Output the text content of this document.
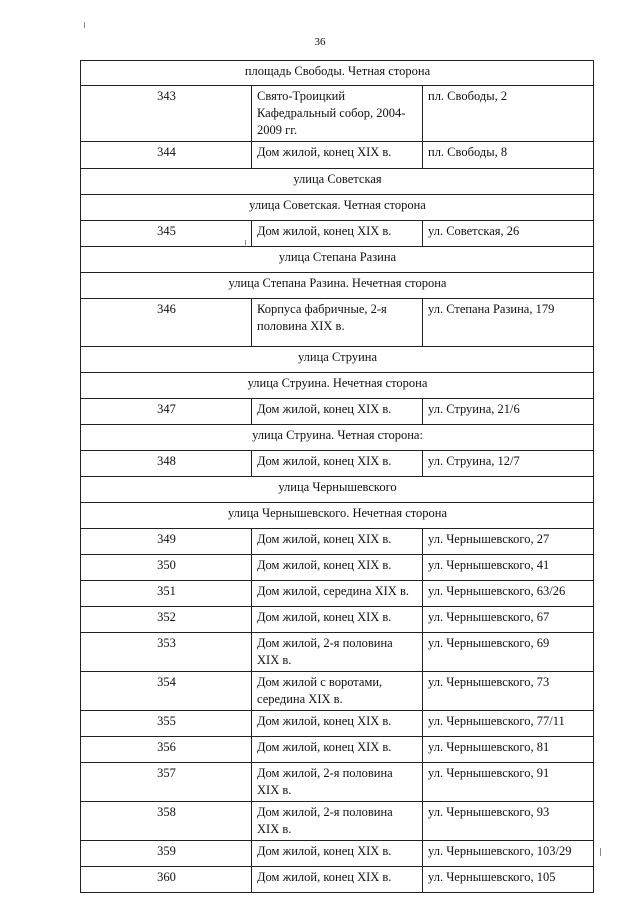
36
площадь Свободы. Четная сторона		
343	Свято-Троицкий Кафедральный собор, 2004-2009 гг.	пл. Свободы, 2
344	Дом жилой, конец XIX в.	пл. Свободы, 8
улица Советская		
улица Советская. Четная сторона		
345	Дом жилой, конец XIX в.	ул. Советская, 26
улица Степана Разина		
улица Степана Разина. Нечетная сторона		
346	Корпуса фабричные, 2-я половина XIX в.	ул. Степана Разина, 179
улица Струина		
улица Струина. Нечетная сторона		
347	Дом жилой, конец XIX в.	ул. Струина, 21/6
улица Струина. Четная сторона:		
348	Дом жилой, конец XIX в.	ул. Струина, 12/7
улица Чернышевского		
улица Чернышевского. Нечетная сторона		
349	Дом жилой, конец XIX в.	ул. Чернышевского, 27
350	Дом жилой, конец XIX в.	ул. Чернышевского, 41
351	Дом жилой, середина XIX в.	ул. Чернышевского, 63/26
352	Дом жилой, конец XIX в.	ул. Чернышевского, 67
353	Дом жилой, 2-я половина XIX в.	ул. Чернышевского, 69
354	Дом жилой с воротами, середина XIX в.	ул. Чернышевского, 73
355	Дом жилой, конец XIX в.	ул. Чернышевского, 77/11
356	Дом жилой, конец XIX в.	ул. Чернышевского, 81
357	Дом жилой, 2-я половина XIX в.	ул. Чернышевского, 91
358	Дом жилой, 2-я половина XIX в.	ул. Чернышевского, 93
359	Дом жилой, конец XIX в.	ул. Чернышевского, 103/29
360	Дом жилой, конец XIX в.	ул. Чернышевского, 105
